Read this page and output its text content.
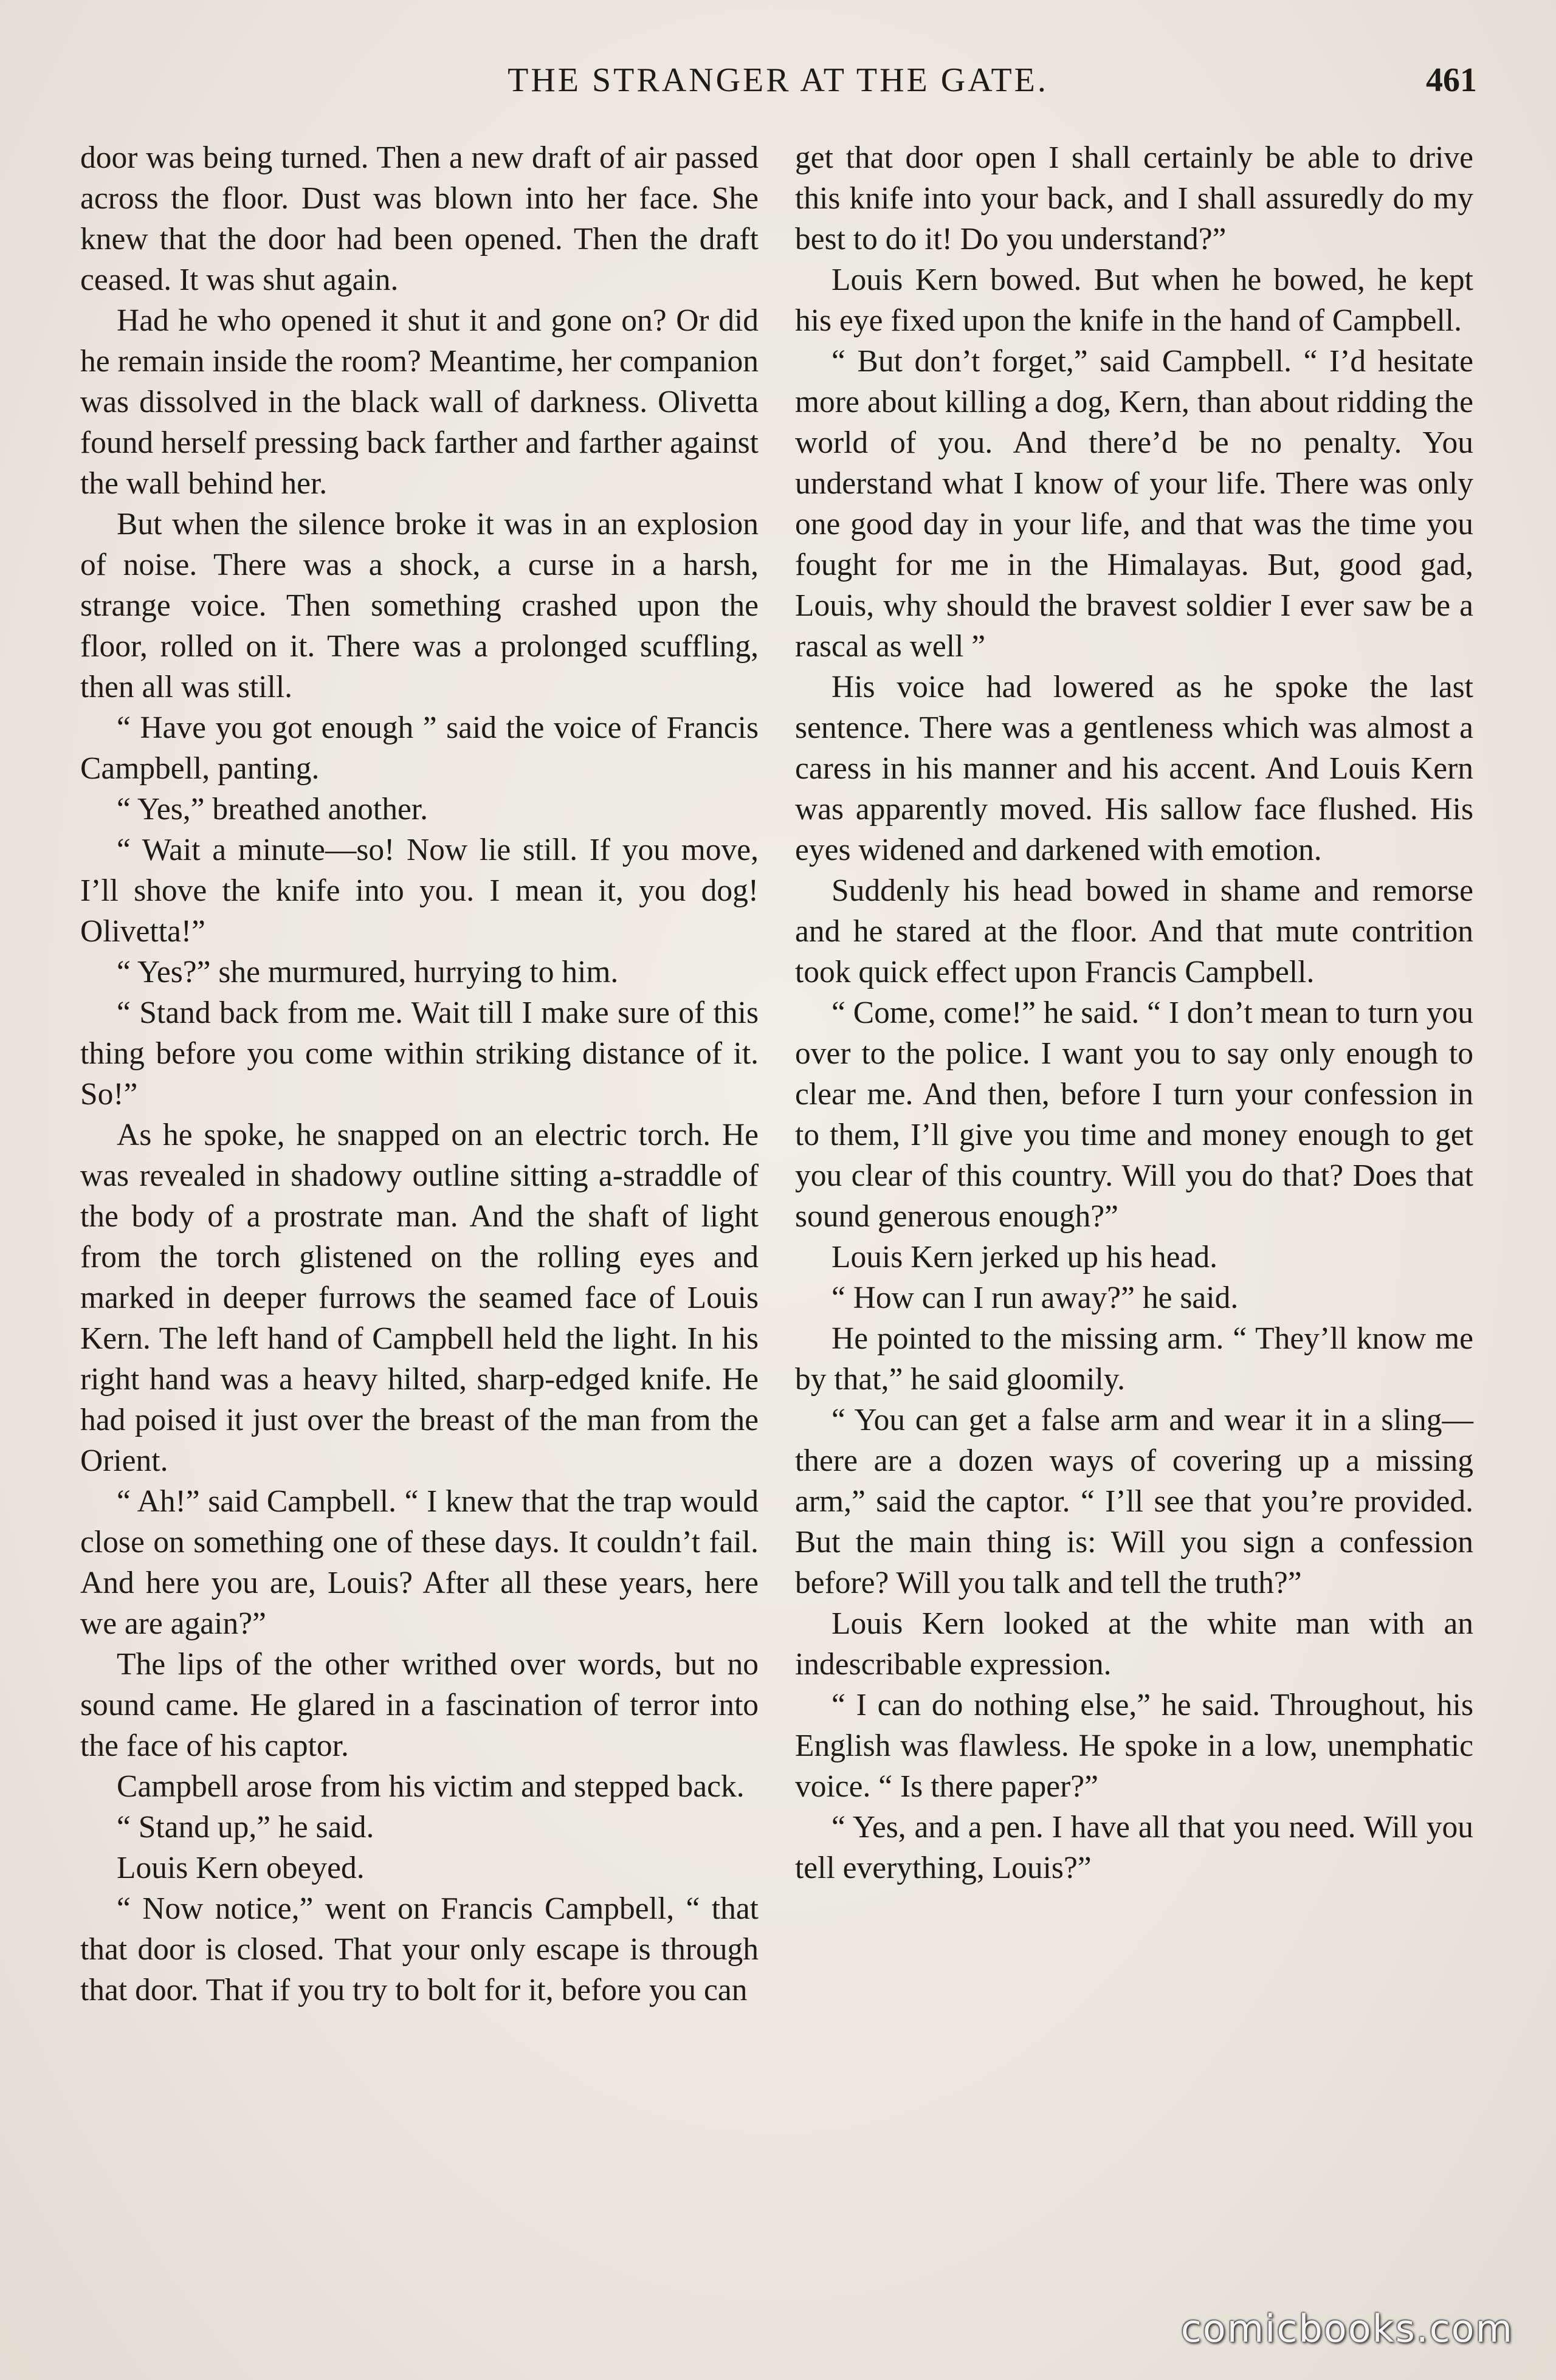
THE STRANGER AT THE GATE.	461

door was being turned. Then a new draft of air passed across the floor. Dust was blown into her face. She knew that the door had been opened. Then the draft ceased. It was shut again.

Had he who opened it shut it and gone on? Or did he remain inside the room? Meantime, her companion was dissolved in the black wall of darkness. Olivetta found herself pressing back farther and farther against the wall behind her.

But when the silence broke it was in an explosion of noise. There was a shock, a curse in a harsh, strange voice. Then something crashed upon the floor, rolled on it. There was a prolonged scuffling, then all was still.

“ Have you got enough ” said the voice of Francis Campbell, panting.

“ Yes,” breathed another.

“ Wait a minute—so! Now lie still. If you move, I’ll shove the knife into you. I mean it, you dog! Olivetta!”

“ Yes?” she murmured, hurrying to him.

“ Stand back from me. Wait till I make sure of this thing before you come within striking distance of it. So!”

As he spoke, he snapped on an electric torch. He was revealed in shadowy outline sitting a-straddle of the body of a prostrate man. And the shaft of light from the torch glistened on the rolling eyes and marked in deeper furrows the seamed face of Louis Kern. The left hand of Campbell held the light. In his right hand was a heavy hilted, sharp-edged knife. He had poised it just over the breast of the man from the Orient.

“ Ah!” said Campbell. “ I knew that the trap would close on something one of these days. It couldn’t fail. And here you are, Louis? After all these years, here we are again?”

The lips of the other writhed over words, but no sound came. He glared in a fascination of terror into the face of his captor.

Campbell arose from his victim and stepped back.

“ Stand up,” he said.

Louis Kern obeyed.

“ Now notice,” went on Francis Campbell, “ that that door is closed. That your only escape is through that door. That if you try to bolt for it, before you can

get that door open I shall certainly be able to drive this knife into your back, and I shall assuredly do my best to do it! Do you understand?”

Louis Kern bowed. But when he bowed, he kept his eye fixed upon the knife in the hand of Campbell.

“ But don’t forget,” said Campbell. “ I’d hesitate more about killing a dog, Kern, than about ridding the world of you. And there’d be no penalty. You understand what I know of your life. There was only one good day in your life, and that was the time you fought for me in the Himalayas. But, good gad, Louis, why should the bravest soldier I ever saw be a rascal as well ”

His voice had lowered as he spoke the last sentence. There was a gentleness which was almost a caress in his manner and his accent. And Louis Kern was apparently moved. His sallow face flushed. His eyes widened and darkened with emotion.

Suddenly his head bowed in shame and remorse and he stared at the floor. And that mute contrition took quick effect upon Francis Campbell.

“ Come, come!” he said. “ I don’t mean to turn you over to the police. I want you to say only enough to clear me. And then, before I turn your confession in to them, I’ll give you time and money enough to get you clear of this country. Will you do that? Does that sound generous enough?”

Louis Kern jerked up his head.

“ How can I run away?” he said.

He pointed to the missing arm. “ They’ll know me by that,” he said gloomily.

“ You can get a false arm and wear it in a sling—there are a dozen ways of covering up a missing arm,” said the captor. “ I’ll see that you’re provided. But the main thing is: Will you sign a confession before? Will you talk and tell the truth?”

Louis Kern looked at the white man with an indescribable expression.

“ I can do nothing else,” he said. Throughout, his English was flawless. He spoke in a low, unemphatic voice. “ Is there paper?”

“ Yes, and a pen. I have all that you need. Will you tell everything, Louis?”

comicbooks.com
